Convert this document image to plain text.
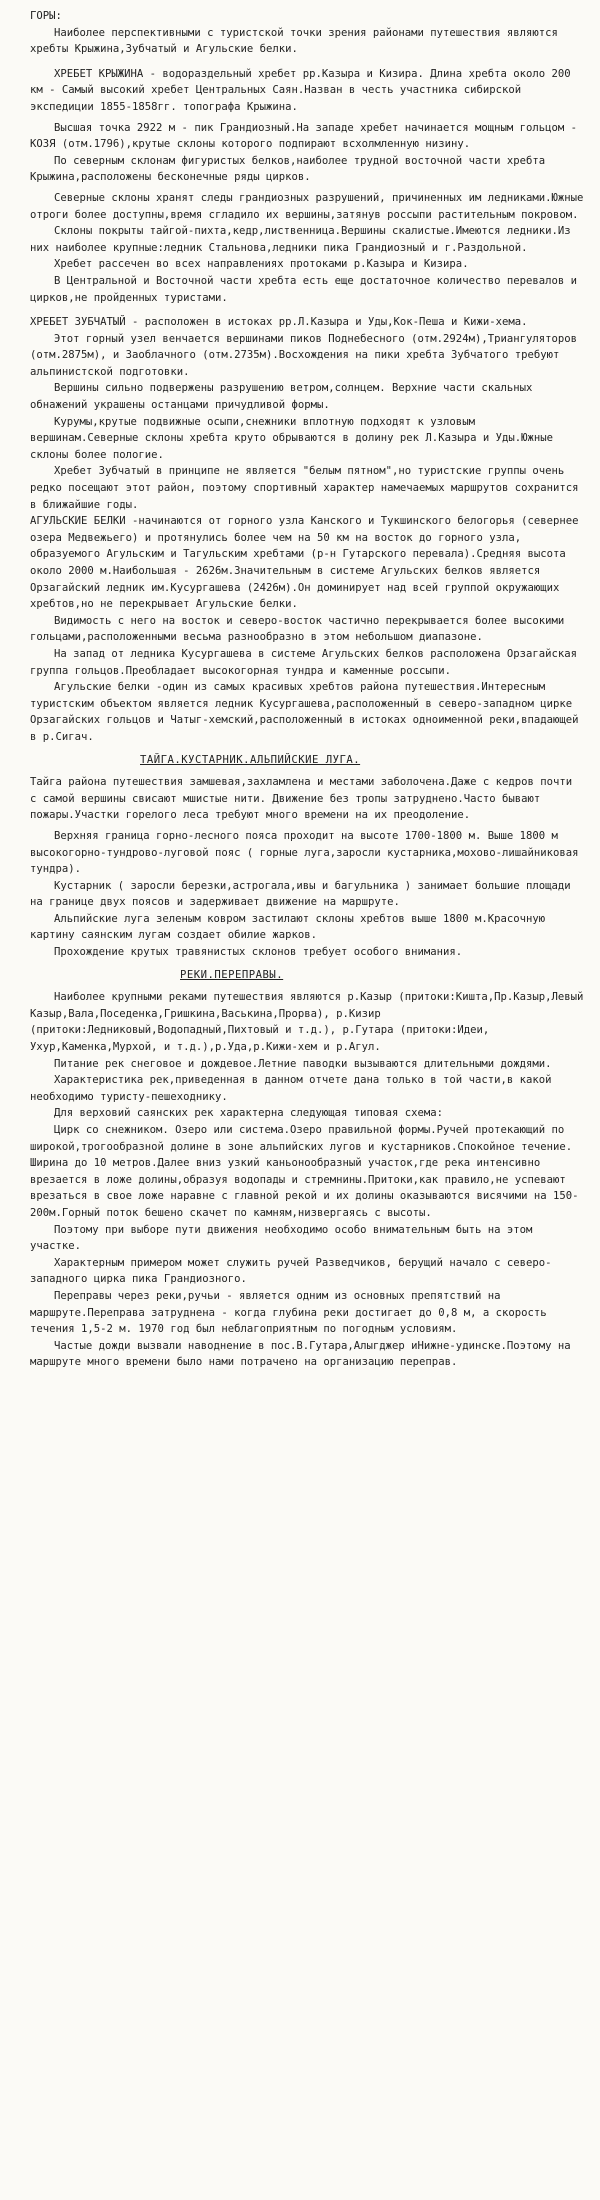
ГОРЫ:

Наиболее перспективными с туристской точки зрения районами путешествия являются хребты Крыжина,Зубчатый и Агульские белки.

ХРЕБЕТ КРЫЖИНА - водораздельный хребет рр.Казыра и Кизира. Длина хребта около 200 км - Самый высокий хребет Центральных Саян.Назван в честь участника сибирской экспедиции 1855-1858гг. топографа Крыжина.

Высшая точка 2922 м - пик Грандиозный.На западе хребет начинается мощным гольцом - КОЗЯ (отм.1796),крутые склоны которого подпирают всхолмленную низину.

По северным склонам фигуристых белков,наиболее трудной восточной части хребта Крыжина,расположены бесконечные ряды цирков.

Северные склоны хранят следы грандиозных разрушений, причиненных им ледниками.Южные отроги более доступны,время сгладило их вершины,затянув россыпи растительным покровом.

Склоны покрыты тайгой-пихта,кедр,лиственница.Вершины скалистые.Имеются ледники.Из них наиболее крупные:ледник Стальнова,ледники пика Грандиозный и г.Раздольной.

Хребет рассечен во всех направлениях протоками р.Казыра и Кизира.

В Центральной и Восточной части хребта есть еще достаточное количество перевалов и цирков,не пройденных туристами.

ХРЕБЕТ ЗУБЧАТЫЙ - расположен в истоках рр.Л.Казыра и Уды,Кок-Пеша и Кижи-хема.

Этот горный узел венчается вершинами пиков Поднебесного (отм.2924м),Триангуляторов (отм.2875м), и Заоблачного (отм.2735м).Восхождения на пики хребта Зубчатого требуют альпинистской подготовки.

Вершины сильно подвержены разрушению ветром,солнцем. Верхние части скальных обнажений украшены останцами причудливой формы.

Курумы,крутые подвижные осыпи,снежники вплотную подходят к узловым вершинам.Северные склоны хребта круто обрываются в долину рек Л.Казыра и Уды.Южные склоны более пологие.

Хребет Зубчатый в принципе не является "белым пятном",но туристские группы очень редко посещают этот район, поэтому спортивный характер намечаемых маршрутов сохранится в ближайшие годы.

АГУЛЬСКИЕ БЕЛКИ -начинаются от горного узла Канского и Тукшинского белогорья (севернее озера Медвежьего) и протянулись более чем на 50 км на восток до горного узла, образуемого Агульским и Тагульским хребтами (р-н Гутарского перевала).Средняя высота около 2000 м.Наибольшая - 2626м.Значительным в системе Агульских белков является Орзагайский ледник им.Кусургашева (2426м).Он доминирует над всей группой окружающих хребтов,но не перекрывает Агульские белки.

Видимость с него на восток и северо-восток частично перекрывается более высокими гольцами,расположенными весьма разнообразно в этом небольшом диапазоне.

На запад от ледника Кусургашева в системе Агульских белков расположена Орзагайская группа гольцов.Преобладает высокогорная тундра и каменные россыпи.

Агульские белки -один из самых красивых хребтов района путешествия.Интересным туристским объектом является ледник Кусургашева,расположенный в северо-западном цирке Орзагайских гольцов и Чатыг-хемский,расположенный в истоках одноименной реки,впадающей в р.Сигач.

ТАЙГА.КУСТАРНИК.АЛЬПИЙСКИЕ ЛУГА.

Тайга района путешествия замшевая,захламлена и местами заболочена.Даже с кедров почти с самой вершины свисают мшистые нити. Движение без тропы затруднено.Часто бывают пожары.Участки горелого леса требуют много времени на их преодоление.

Верхняя граница горно-лесного пояса проходит на высоте 1700-1800 м. Выше 1800 м высокогорно-тундрово-луговой пояс ( горные луга,заросли кустарника,мохово-лишайниковая тундра).

Кустарник ( заросли березки,астрогала,ивы и багульника ) занимает большие площади на границе двух поясов и задерживает движение на маршруте.

Альпийские луга зеленым ковром застилают склоны хребтов выше 1800 м.Красочную картину саянским лугам создает обилие жарков.

Прохождение крутых травянистых склонов требует особого внимания.

РЕКИ.ПЕРЕПРАВЫ.

Наиболее крупными реками путешествия являются р.Казыр (притоки:Кишта,Пр.Казыр,Левый Казыр,Вала,Поседенка,Гришкина,Васькина,Прорва), р.Кизир (притоки:Ледниковый,Водопадный,Пихтовый и т.д.), р.Гутара (притоки:Идеи, Ухур,Каменка,Мурхой, и т.д.),р.Уда,р.Кижи-хем и р.Агул.

Питание рек снеговое и дождевое.Летние паводки вызываются длительными дождями.

Характеристика рек,приведенная в данном отчете дана только в той части,в какой необходимо туристу-пешеходнику.

Для верховий саянских рек характерна следующая типовая схема:

Цирк со снежником. Озеро или система.Озеро правильной формы.Ручей протекающий по широкой,трогообразной долине в зоне альпийских лугов и кустарников.Спокойное течение. Ширина до 10 метров.Далее вниз узкий каньонообразный участок,где река интенсивно врезается в ложе долины,образуя водопады и стремнины.Притоки,как правило,не успевают врезаться в свое ложе наравне с главной рекой и их долины оказываются висячими на 150-200м.Горный поток бешено скачет по камням,низвергаясь с высоты.

Поэтому при выборе пути движения необходимо особо внимательным быть на этом участке.

Характерным примером может служить ручей Разведчиков, берущий начало с северо-западного цирка пика Грандиозного.

Переправы через реки,ручьи - является одним из основных препятствий на маршруте.Переправа затруднена - когда глубина реки достигает до 0,8 м, а скорость течения 1,5-2 м. 1970 год был неблагоприятным по погодным условиям.

Частые дожди вызвали наводнение в пос.В.Гутара,Алыгджер иНижне-удинске.Поэтому на маршруте много времени было нами потрачено на организацию переправ.
